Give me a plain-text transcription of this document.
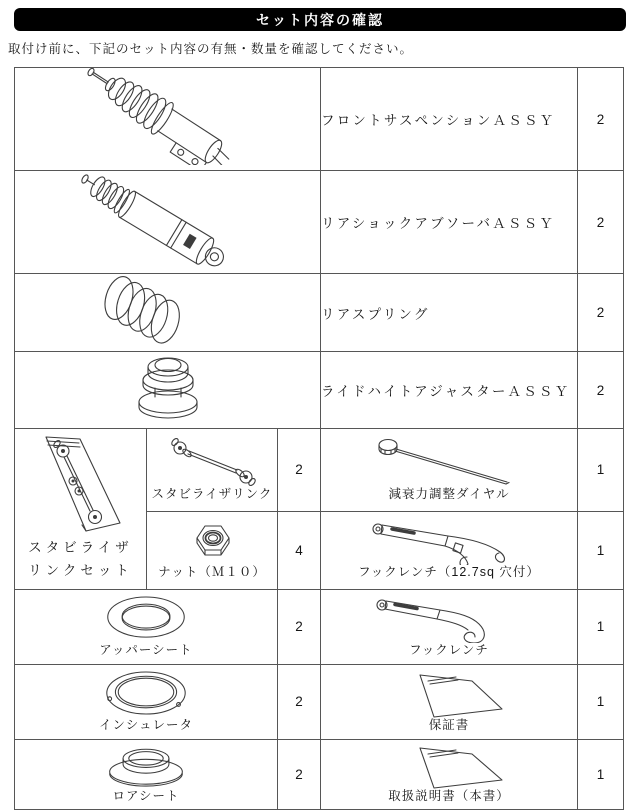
セット内容の確認

取付け前に、下記のセット内容の有無・数量を確認してください。

	フロントサスペンションＡＳＳＹ	2
	リアショックアブソーバＡＳＳＹ	2
	リアスプリング	2
	ライドハイトアジャスターＡＳＳＹ	2

スタビライザ
リンクセット	スタビライザリンク	2	減衰力調整ダイヤル	1

	ナット（Ｍ１０）	4	フックレンチ（12.7sq 穴付）	1

アッパーシート		2	フックレンチ	1

インシュレータ		2	保証書	1

ロアシート		2	取扱説明書（本書）	1
